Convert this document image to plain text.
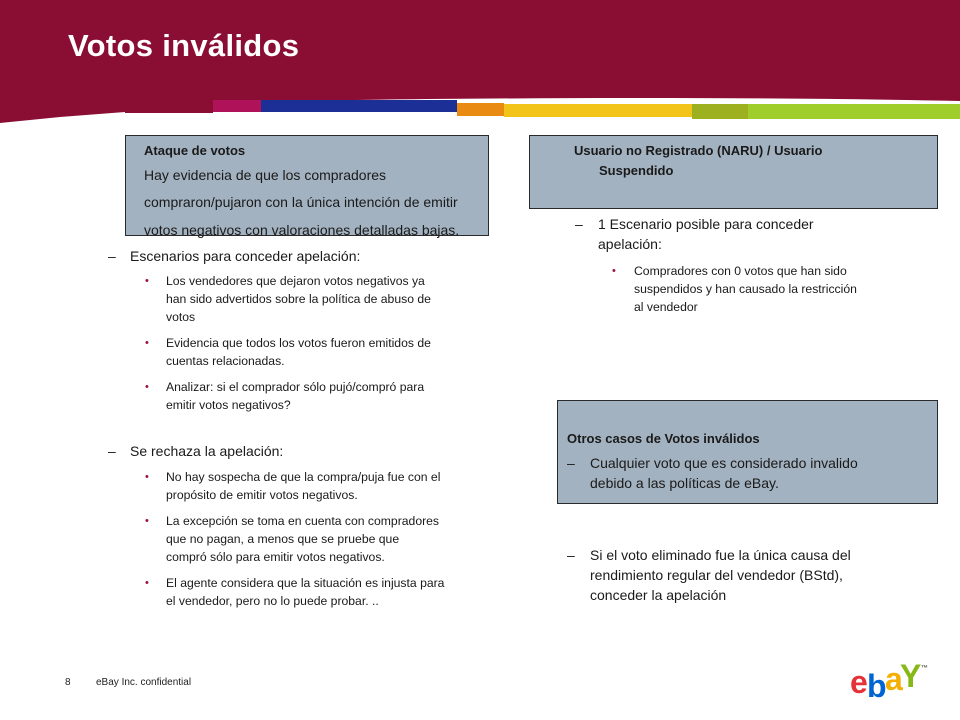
Votos inválidos
Ataque de votos
Hay evidencia de que los compradores
compraron/pujaron con la única intención de emitir
votos negativos con valoraciones detalladas bajas.
– Escenarios para conceder apelación:
• Los vendedores que dejaron votos negativos ya
han sido advertidos sobre la política de abuso de
votos
• Evidencia que todos los votos fueron emitidos de
cuentas relacionadas.
• Analizar: si el comprador sólo pujó/compró para
emitir votos negativos?
– Se rechaza la apelación:
• No hay sospecha de que la compra/puja fue con el
propósito de emitir votos negativos.
• La excepción se toma en cuenta con compradores
que no pagan, a menos que se pruebe que
compró sólo para emitir votos negativos.
• El agente considera que la situación es injusta para
el vendedor, pero no lo puede probar. ..
Usuario no Registrado (NARU) / Usuario
Suspendido
– 1 Escenario posible para conceder
apelación:
• Compradores con 0 votos que han sido
suspendidos y han causado la restricción
al vendedor
Otros casos de Votos inválidos
– Cualquier voto que es considerado invalido
debido a las políticas de eBay.
– Si el voto eliminado fue la única causa del
rendimiento regular del vendedor (BStd),
conceder la apelación
8	eBay Inc. confidential	e b
a
Y ™
